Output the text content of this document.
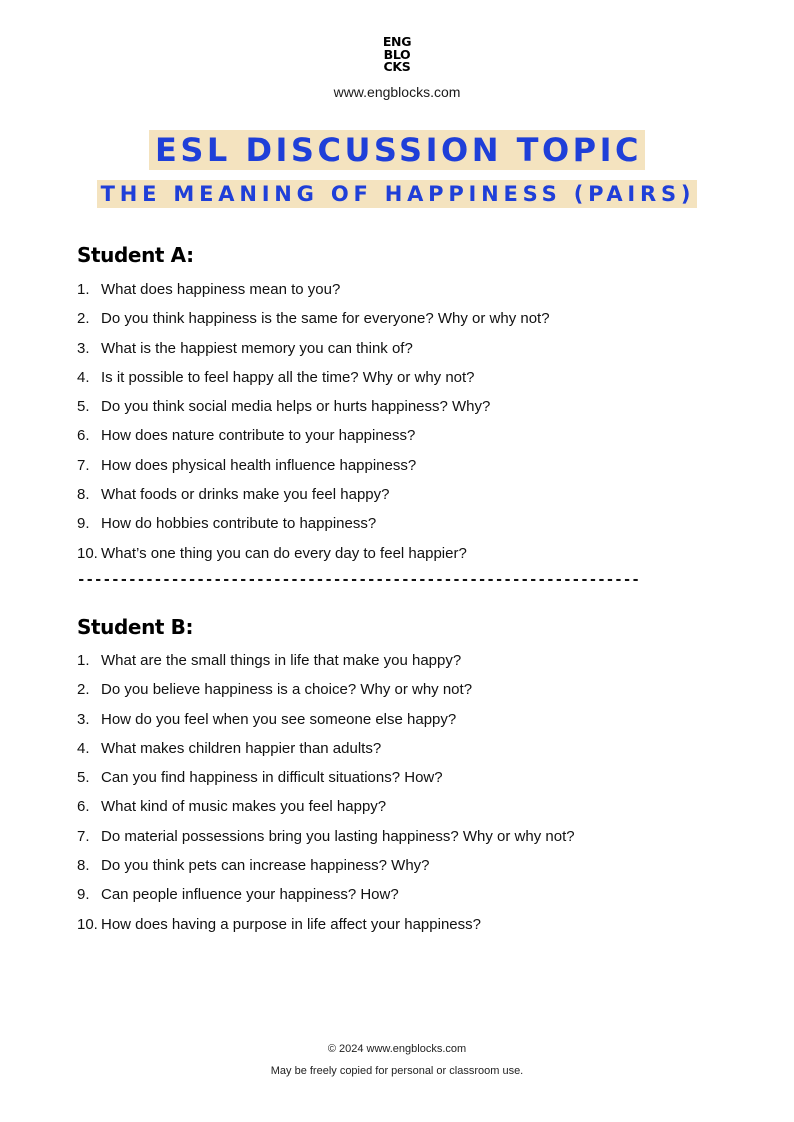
ENG
BLO
CKS
www.engblocks.com
ESL DISCUSSION TOPIC
THE MEANING OF HAPPINESS (PAIRS)
Student A:
1. What does happiness mean to you?
2. Do you think happiness is the same for everyone? Why or why not?
3. What is the happiest memory you can think of?
4. Is it possible to feel happy all the time? Why or why not?
5. Do you think social media helps or hurts happiness? Why?
6. How does nature contribute to your happiness?
7. How does physical health influence happiness?
8. What foods or drinks make you feel happy?
9. How do hobbies contribute to happiness?
10. What’s one thing you can do every day to feel happier?
------------------------------------------------------------------
Student B:
1. What are the small things in life that make you happy?
2. Do you believe happiness is a choice? Why or why not?
3. How do you feel when you see someone else happy?
4. What makes children happier than adults?
5. Can you find happiness in difficult situations? How?
6. What kind of music makes you feel happy?
7. Do material possessions bring you lasting happiness? Why or why not?
8. Do you think pets can increase happiness? Why?
9. Can people influence your happiness? How?
10. How does having a purpose in life affect your happiness?
© 2024 www.engblocks.com
May be freely copied for personal or classroom use.
